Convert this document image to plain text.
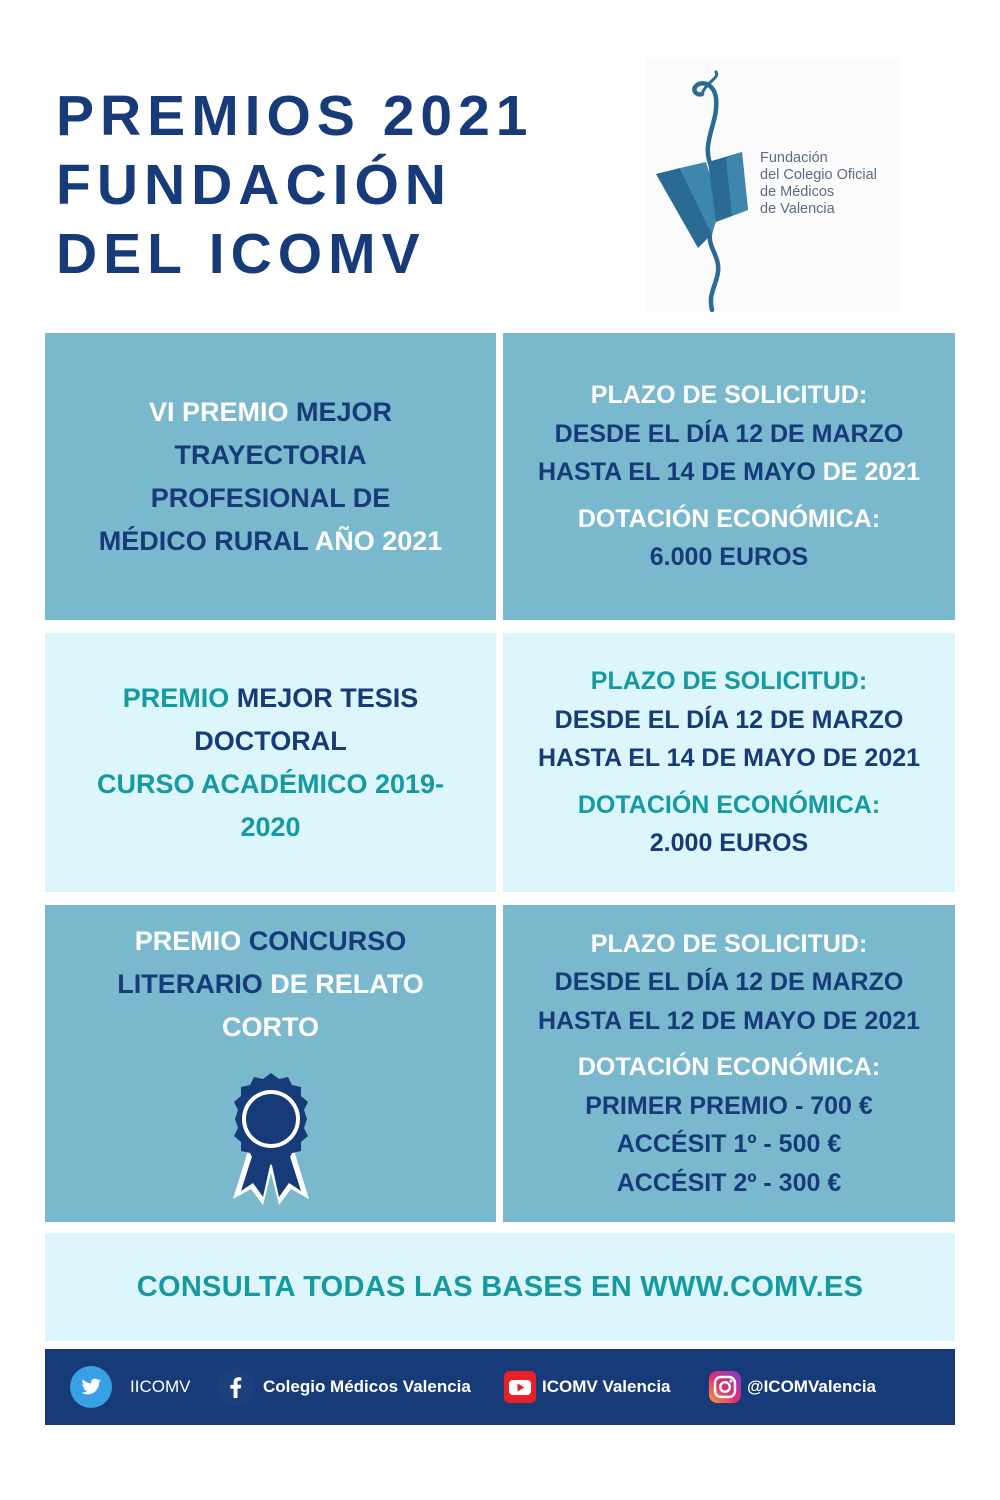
PREMIOS 2021
FUNDACIÓN
DEL ICOMV
Fundación
del Colegio Oficial
de Médicos
de Valencia
VI PREMIO MEJOR
TRAYECTORIA
PROFESIONAL DE
MÉDICO RURAL AÑO 2021
PLAZO DE SOLICITUD:
DESDE EL DÍA 12 DE MARZO
HASTA EL 14 DE MAYO DE 2021
DOTACIÓN ECONÓMICA:
6.000 EUROS
PREMIO MEJOR TESIS
DOCTORAL
CURSO ACADÉMICO 2019-
2020
PLAZO DE SOLICITUD:
DESDE EL DÍA 12 DE MARZO
HASTA EL 14 DE MAYO DE 2021
DOTACIÓN ECONÓMICA:
2.000 EUROS
PREMIO CONCURSO
LITERARIO DE RELATO
CORTO
PLAZO DE SOLICITUD:
DESDE EL DÍA 12 DE MARZO
HASTA EL 12 DE MAYO DE 2021
DOTACIÓN ECONÓMICA:
PRIMER PREMIO - 700 €
ACCÉSIT 1º - 500 €
ACCÉSIT 2º - 300 €
CONSULTA TODAS LAS BASES EN WWW.COMV.ES
IICOMV	Colegio Médicos Valencia	ICOMV Valencia	@ICOMValencia
